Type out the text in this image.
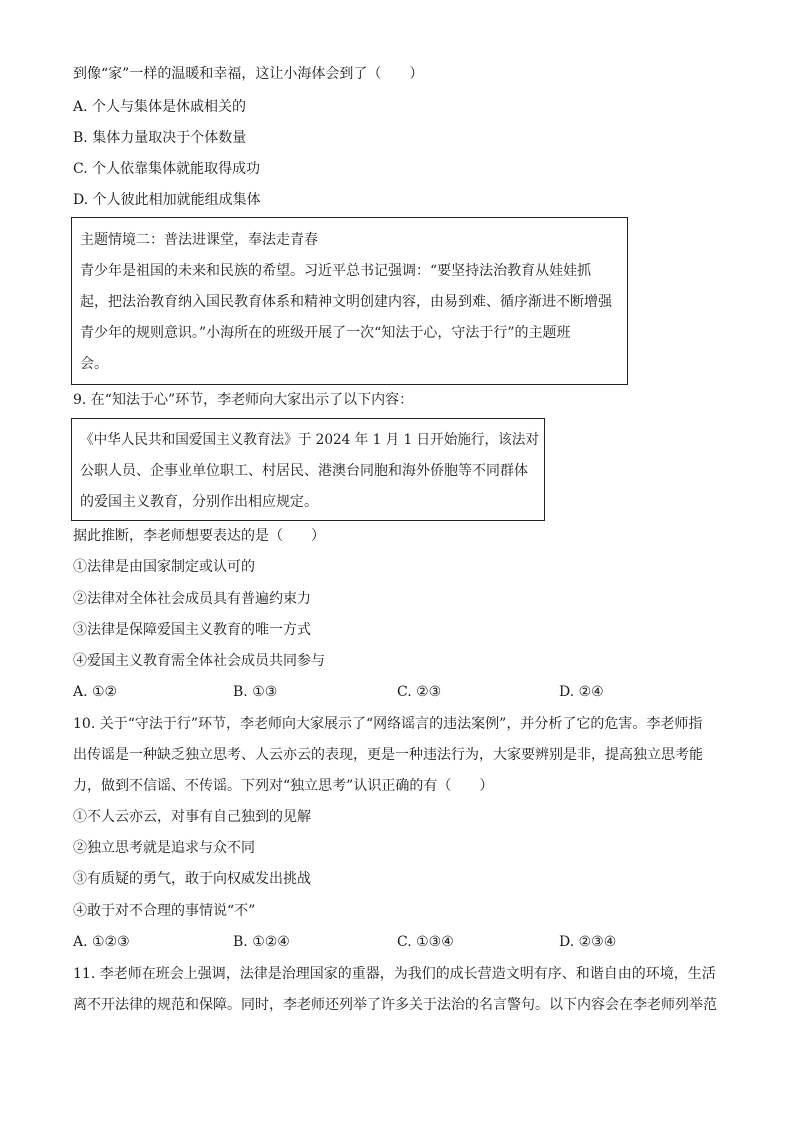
到像“家”一样的温暖和幸福，这让小海体会到了（　　）
A. 个人与集体是休戚相关的
B. 集体力量取决于个体数量
C. 个人依靠集体就能取得成功
D. 个人彼此相加就能组成集体
主题情境二：普法进课堂，奉法走青春
青少年是祖国的未来和民族的希望。习近平总书记强调：“要坚持法治教育从娃娃抓
起，把法治教育纳入国民教育体系和精神文明创建内容，由易到难、循序渐进不断增强
青少年的规则意识。”小海所在的班级开展了一次“知法于心，守法于行”的主题班
会。
9. 在“知法于心”环节，李老师向大家出示了以下内容：
《中华人民共和国爱国主义教育法》于 2024 年 1 月 1 日开始施行，该法对
公职人员、企事业单位职工、村居民、港澳台同胞和海外侨胞等不同群体
的爱国主义教育，分别作出相应规定。
据此推断，李老师想要表达的是（　　）
①法律是由国家制定或认可的
②法律对全体社会成员具有普遍约束力
③法律是保障爱国主义教育的唯一方式
④爱国主义教育需全体社会成员共同参与
A. ①②	B. ①③	C. ②③	D. ②④
10. 关于“守法于行”环节，李老师向大家展示了“网络谣言的违法案例”，并分析了它的危害。李老师指
出传谣是一种缺乏独立思考、人云亦云的表现，更是一种违法行为，大家要辨别是非，提高独立思考能
力，做到不信谣、不传谣。下列对“独立思考”认识正确的有（　　）
①不人云亦云，对事有自己独到的见解
②独立思考就是追求与众不同
③有质疑的勇气，敢于向权威发出挑战
④敢于对不合理的事情说“不”
A. ①②③	B. ①②④	C. ①③④	D. ②③④
11. 李老师在班会上强调，法律是治理国家的重器，为我们的成长营造文明有序、和谐自由的环境，生活
离不开法律的规范和保障。同时，李老师还列举了许多关于法治的名言警句。以下内容会在李老师列举范
